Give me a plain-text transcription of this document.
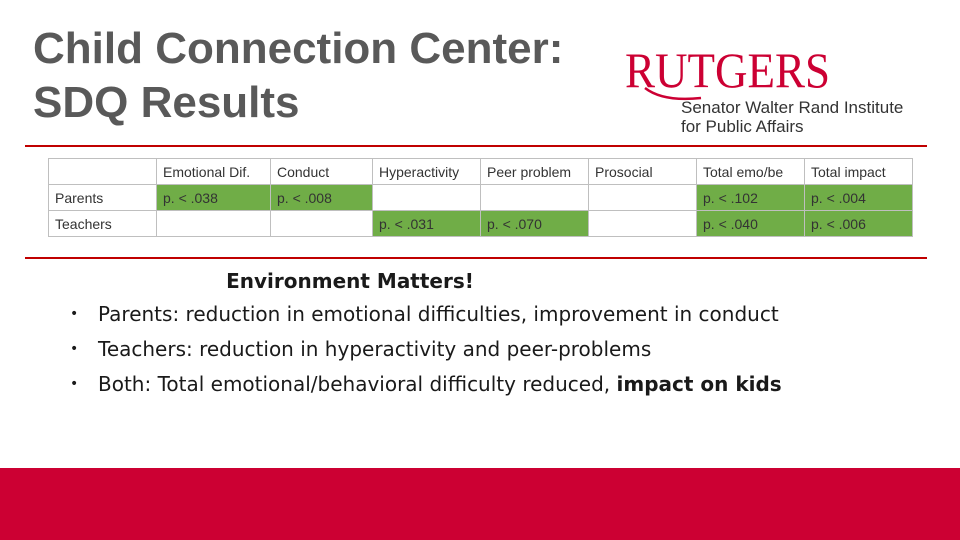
Child Connection Center:
SDQ Results
RUTGERS
Senator Walter Rand Institute
for Public Affairs
	Emotional Dif.	Conduct	Hyperactivity	Peer problem	Prosocial	Total emo/be	Total impact
Parents	p. < .038	p. < .008				p. < .102	p. < .004
Teachers			p. < .031	p. < .070		p. < .040	p. < .006
Environment Matters!
• Parents: reduction in emotional difficulties, improvement in conduct
• Teachers: reduction in hyperactivity and peer-problems
• Both: Total emotional/behavioral difficulty reduced, impact on kids
